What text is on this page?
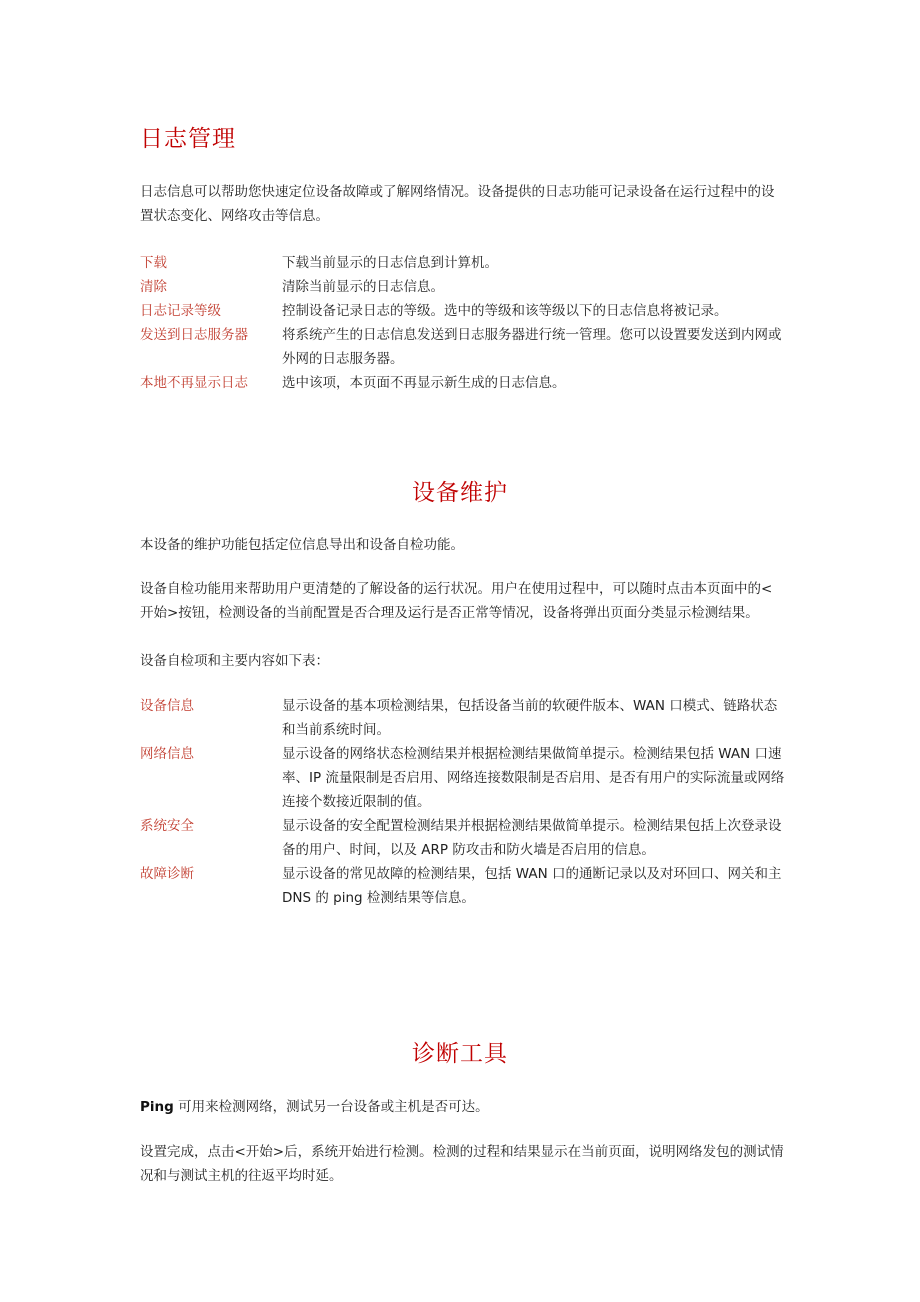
日志管理

日志信息可以帮助您快速定位设备故障或了解网络情况。设备提供的日志功能可记录设备在运行过程中的设置状态变化、网络攻击等信息。

下载	下载当前显示的日志信息到计算机。
清除	清除当前显示的日志信息。
日志记录等级	控制设备记录日志的等级。选中的等级和该等级以下的日志信息将被记录。
发送到日志服务器	将系统产生的日志信息发送到日志服务器进行统一管理。您可以设置要发送到内网或外网的日志服务器。
本地不再显示日志	选中该项，本页面不再显示新生成的日志信息。
设备维护

本设备的维护功能包括定位信息导出和设备自检功能。

设备自检功能用来帮助用户更清楚的了解设备的运行状况。用户在使用过程中，可以随时点击本页面中的<开始>按钮，检测设备的当前配置是否合理及运行是否正常等情况，设备将弹出页面分类显示检测结果。

设备自检项和主要内容如下表：

设备信息	显示设备的基本项检测结果，包括设备当前的软硬件版本、WAN 口模式、链路状态和当前系统时间。
网络信息	显示设备的网络状态检测结果并根据检测结果做简单提示。检测结果包括 WAN 口速率、IP 流量限制是否启用、网络连接数限制是否启用、是否有用户的实际流量或网络连接个数接近限制的值。
系统安全	显示设备的安全配置检测结果并根据检测结果做简单提示。检测结果包括上次登录设备的用户、时间，以及 ARP 防攻击和防火墙是否启用的信息。
故障诊断	显示设备的常见故障的检测结果，包括 WAN 口的通断记录以及对环回口、网关和主 DNS 的 ping 检测结果等信息。
诊断工具

Ping 可用来检测网络，测试另一台设备或主机是否可达。

设置完成，点击<开始>后，系统开始进行检测。检测的过程和结果显示在当前页面，说明网络发包的测试情况和与测试主机的往返平均时延。
